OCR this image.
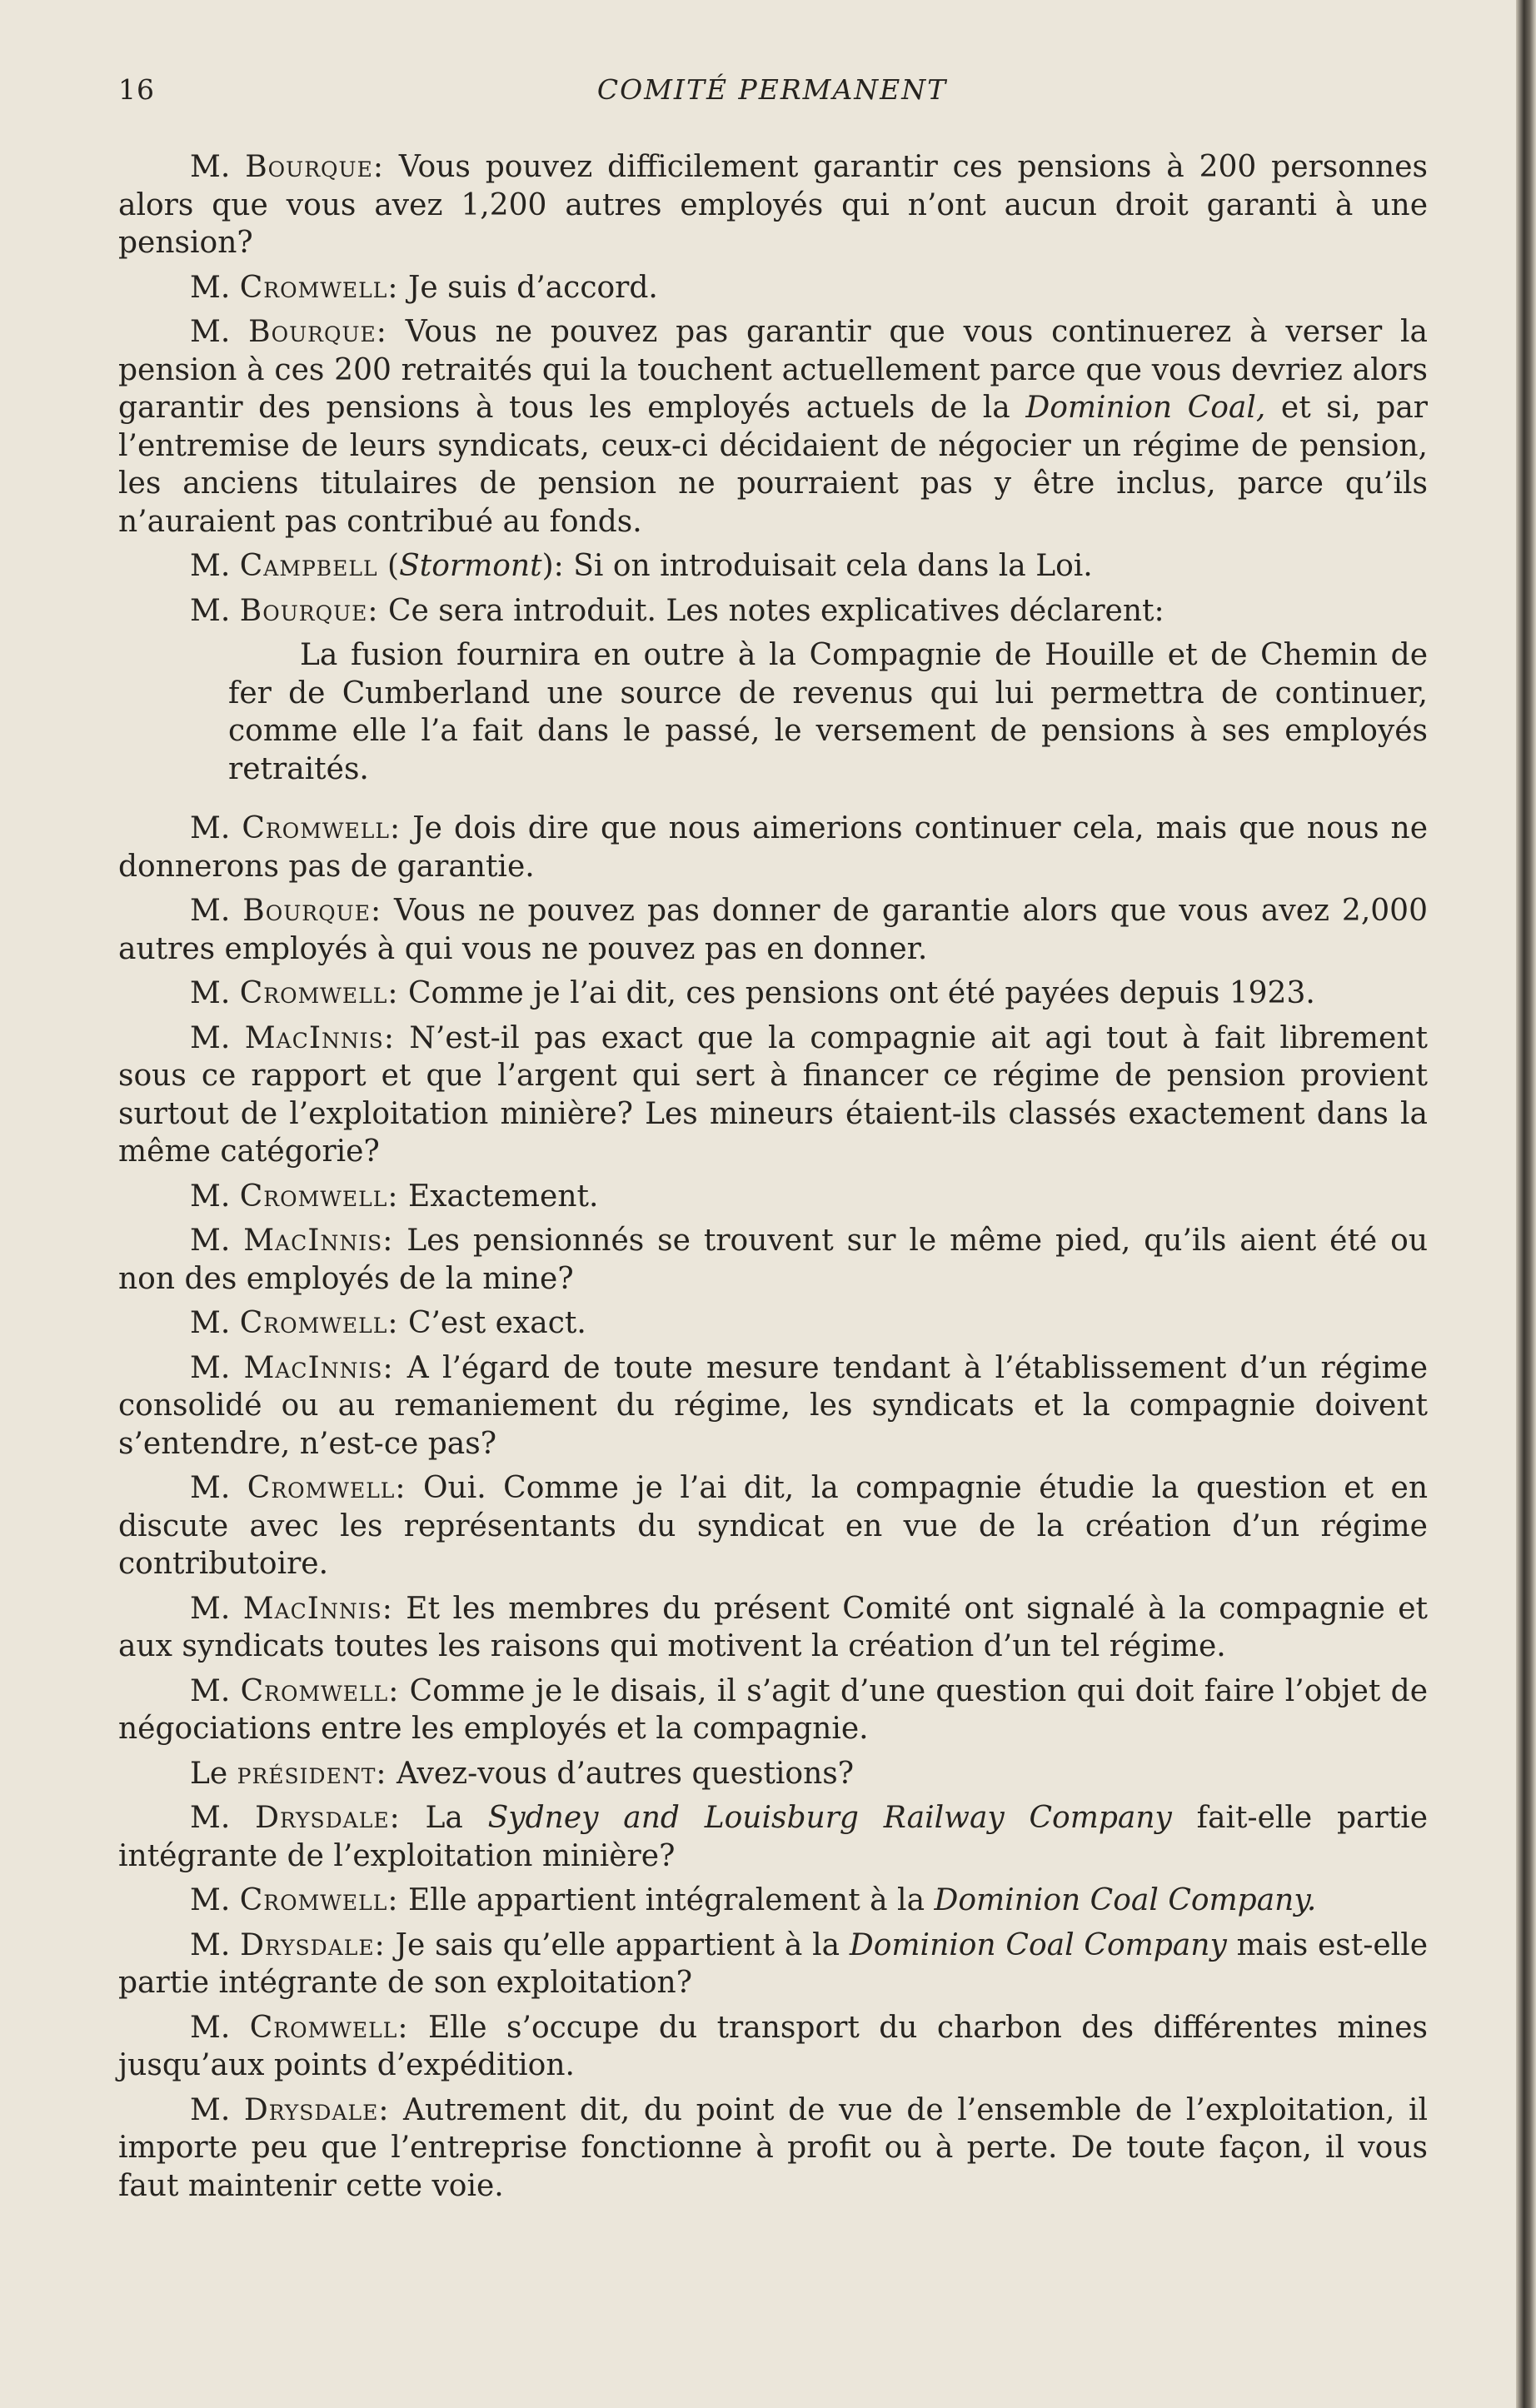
16	COMITÉ PERMANENT

M. Bourque: Vous pouvez difficilement garantir ces pensions à 200 personnes alors que vous avez 1,200 autres employés qui n’ont aucun droit garanti à une pension?

M. Cromwell: Je suis d’accord.

M. Bourque: Vous ne pouvez pas garantir que vous continuerez à verser la pension à ces 200 retraités qui la touchent actuellement parce que vous devriez alors garantir des pensions à tous les employés actuels de la Dominion Coal, et si, par l’entremise de leurs syndicats, ceux-ci décidaient de négocier un régime de pension, les anciens titulaires de pension ne pourraient pas y être inclus, parce qu’ils n’auraient pas contribué au fonds.

M. Campbell (Stormont): Si on introduisait cela dans la Loi.

M. Bourque: Ce sera introduit. Les notes explicatives déclarent:

La fusion fournira en outre à la Compagnie de Houille et de Chemin de fer de Cumberland une source de revenus qui lui permettra de continuer, comme elle l’a fait dans le passé, le versement de pensions à ses employés retraités.

M. Cromwell: Je dois dire que nous aimerions continuer cela, mais que nous ne donnerons pas de garantie.

M. Bourque: Vous ne pouvez pas donner de garantie alors que vous avez 2,000 autres employés à qui vous ne pouvez pas en donner.

M. Cromwell: Comme je l’ai dit, ces pensions ont été payées depuis 1923.

M. MacInnis: N’est-il pas exact que la compagnie ait agi tout à fait librement sous ce rapport et que l’argent qui sert à financer ce régime de pension provient surtout de l’exploitation minière? Les mineurs étaient-ils classés exactement dans la même catégorie?

M. Cromwell: Exactement.

M. MacInnis: Les pensionnés se trouvent sur le même pied, qu’ils aient été ou non des employés de la mine?

M. Cromwell: C’est exact.

M. MacInnis: A l’égard de toute mesure tendant à l’établissement d’un régime consolidé ou au remaniement du régime, les syndicats et la compagnie doivent s’entendre, n’est-ce pas?

M. Cromwell: Oui. Comme je l’ai dit, la compagnie étudie la question et en discute avec les représentants du syndicat en vue de la création d’un régime contributoire.

M. MacInnis: Et les membres du présent Comité ont signalé à la compagnie et aux syndicats toutes les raisons qui motivent la création d’un tel régime.

M. Cromwell: Comme je le disais, il s’agit d’une question qui doit faire l’objet de négociations entre les employés et la compagnie.

Le président: Avez-vous d’autres questions?

M. Drysdale: La Sydney and Louisburg Railway Company fait-elle partie intégrante de l’exploitation minière?

M. Cromwell: Elle appartient intégralement à la Dominion Coal Company.

M. Drysdale: Je sais qu’elle appartient à la Dominion Coal Company mais est-elle partie intégrante de son exploitation?

M. Cromwell: Elle s’occupe du transport du charbon des différentes mines jusqu’aux points d’expédition.

M. Drysdale: Autrement dit, du point de vue de l’ensemble de l’exploitation, il importe peu que l’entreprise fonctionne à profit ou à perte. De toute façon, il vous faut maintenir cette voie.
